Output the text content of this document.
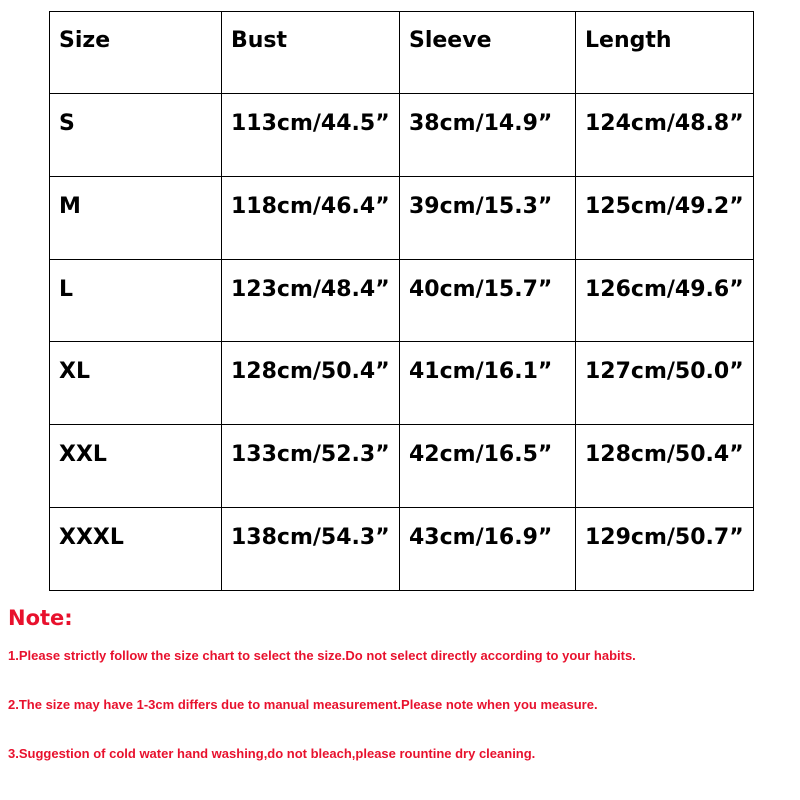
Size	Bust	Sleeve	Length
S	113cm/44.5”	38cm/14.9”	124cm/48.8”
M	118cm/46.4”	39cm/15.3”	125cm/49.2”
L	123cm/48.4”	40cm/15.7”	126cm/49.6”
XL	128cm/50.4”	41cm/16.1”	127cm/50.0”
XXL	133cm/52.3”	42cm/16.5”	128cm/50.4”
XXXL	138cm/54.3”	43cm/16.9”	129cm/50.7”

Note:

1.Please strictly follow the size chart to select the size.Do not select directly according to your habits.

2.The size may have 1-3cm differs due to manual measurement.Please note when you measure.

3.Suggestion of cold water hand washing,do not bleach,please rountine dry cleaning.
